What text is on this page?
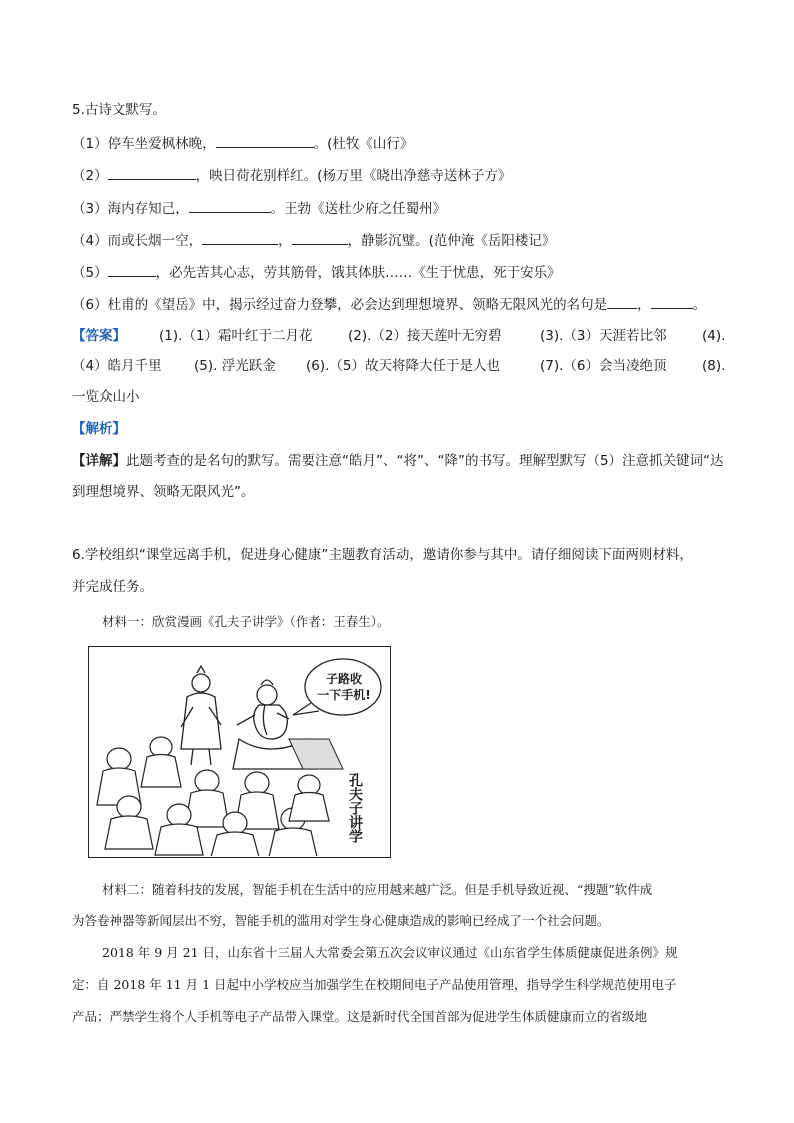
5.古诗文默写。
（1）停车坐爱枫林晚，	。(杜牧《山行》
（2）	，映日荷花别样红。(杨万里《晓出净慈寺送林子方》
（3）海内存知己，	。王勃《送杜少府之任蜀州》
（4）而或长烟一空，	，	，静影沉璧。(范仲淹《岳阳楼记》
（5）	，必先苦其心志，劳其筋骨，饿其体肤……《生于忧患，死于安乐》
（6）杜甫的《望岳》中，揭示经过奋力登攀，必会达到理想境界、领略无限风光的名句是 ，	。
【答案】 (1).（1）霜叶红于二月花	(2).（2）接天莲叶无穷碧	(3).（3）天涯若比邻	(4).
（4）皓月千里 (5). 浮光跃金 (6).（5）故天将降大任于是人也	(7).（6）会当凌绝顶	(8).
一览众山小
【解析】
【详解】此题考查的是名句的默写。需要注意“皓月”、“将”、“降”的书写。理解型默写（5）注意抓关键词“达
到理想境界、领略无限风光”。
6.学校组织“课堂远离手机，促进身心健康”主题教育活动，邀请你参与其中。请仔细阅读下面两则材料，
并完成任务。
材料一：欣赏漫画《孔夫子讲学》（作者：王春生）。
子路收
一下手机!
孔夫子讲学
材料二：随着科技的发展，智能手机在生活中的应用越来越广泛。但是手机导致近视、“搜题”软件成
为答卷神器等新闻层出不穷，智能手机的滥用对学生身心健康造成的影响已经成了一个社会问题。
2018 年 9 月 21 日，山东省十三届人大常委会第五次会议审议通过《山东省学生体质健康促进条例》规
定：自 2018 年 11 月 1 日起中小学校应当加强学生在校期间电子产品使用管理，指导学生科学规范使用电子
产品；严禁学生将个人手机等电子产品带入课堂。这是新时代全国首部为促进学生体质健康而立的省级地
